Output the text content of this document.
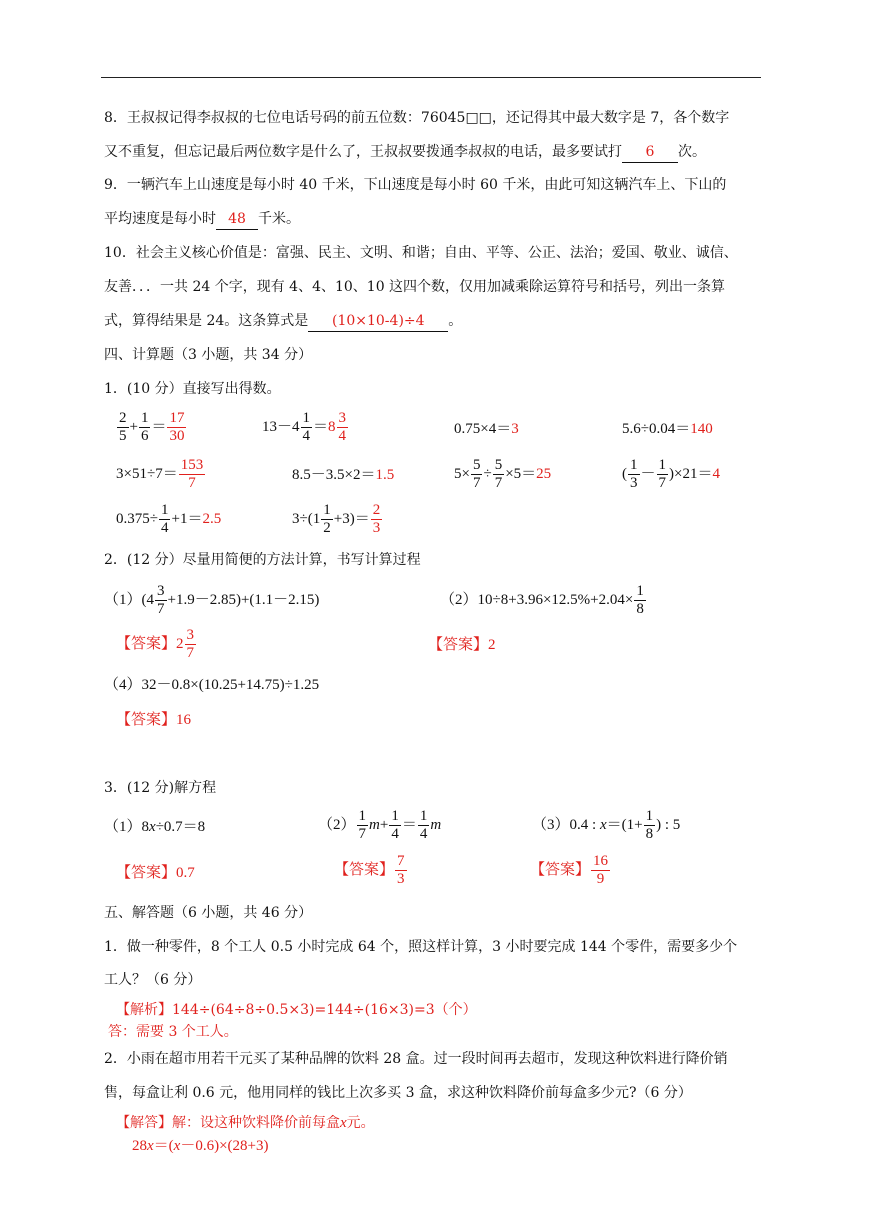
8．王叔叔记得李叔叔的七位电话号码的前五位数：76045□□，还记得其中最大数字是 7，各个数字
又不重复，但忘记最后两位数字是什么了，王叔叔要拨通李叔叔的电话，最多要试打 6 次。
9．一辆汽车上山速度是每小时 40 千米，下山速度是每小时 60 千米，由此可知这辆汽车上、下山的
平均速度是每小时 48 千米。
10．社会主义核心价值是：富强、民主、文明、和谐；自由、平等、公正、法治；爱国、敬业、诚信、
友善．．．一共 24 个字，现有 4、4、10、10 这四个数，仅用加减乘除运算符号和括号，列出一条算
式，算得结果是 24。这条算式是 (10×10-4)÷4 。
四、计算题（3 小题，共 34 分）
1．(10 分）直接写出得数。
$\frac{2}{5} + \frac{1}{6} = \frac{17}{30}$	$13-4 \frac{1}{4} =8 \frac{3}{4}$	0.75×4＝3	5.6÷0.04＝140
$3\times 51\div 7= \frac{153}{7}$	8.5－3.5×2＝1.5	$5\times \frac{5}{7} \div \frac{5}{7} \times 5=25$	( $\frac{1}{3} - \frac{1}{7} )\times 21=4$
$0.375\div \frac{1}{4} +1=2.5$	$3\div(1 \frac{1}{2} +3)= \frac{2}{3}$
2．(12 分）尽量用简便的方法计算，书写计算过程
$(1)(4 \frac{3}{7} +1.9-2.85)+(1.1-2.15)$
【答案】$2 \frac{3}{7}$
$(2)10\div 8+3.96\times 12.5\%+2.04\times \frac{1}{8}$
【答案】2
（4）32－0.8×(10.25+14.75)÷1.25
【答案】16
3．(12 分)解方程
（1）8x÷0.7＝8
【答案】0.7
$(2) \frac{1}{7} m+ \frac{1}{4} = \frac{1}{4}$ m
【答案】 $\frac{7}{3}$
（3）0.4 : $x=(1+ \frac{1}{8}$ ) : 5
【答案】 $\frac{16}{9}$
五、解答题（6 小题，共 46 分）
1．做一种零件，8 个工人 0.5 小时完成 64 个，照这样计算，3 小时要完成 144 个零件，需要多少个
工人？（6 分）
【解析】144÷(64÷8÷0.5×3)=144÷(16×3)=3（个）
答：需要 3 个工人。
2．小雨在超市用若干元买了某种品牌的饮料 28 盒。过一段时间再去超市，发现这种饮料进行降价销
售，每盒让利 0.6 元，他用同样的钱比上次多买 3 盒，求这种饮料降价前每盒多少元?（6 分）
【解答】解：设这种饮料降价前每盒x元。
28x＝(x－0.6)×(28+3)
